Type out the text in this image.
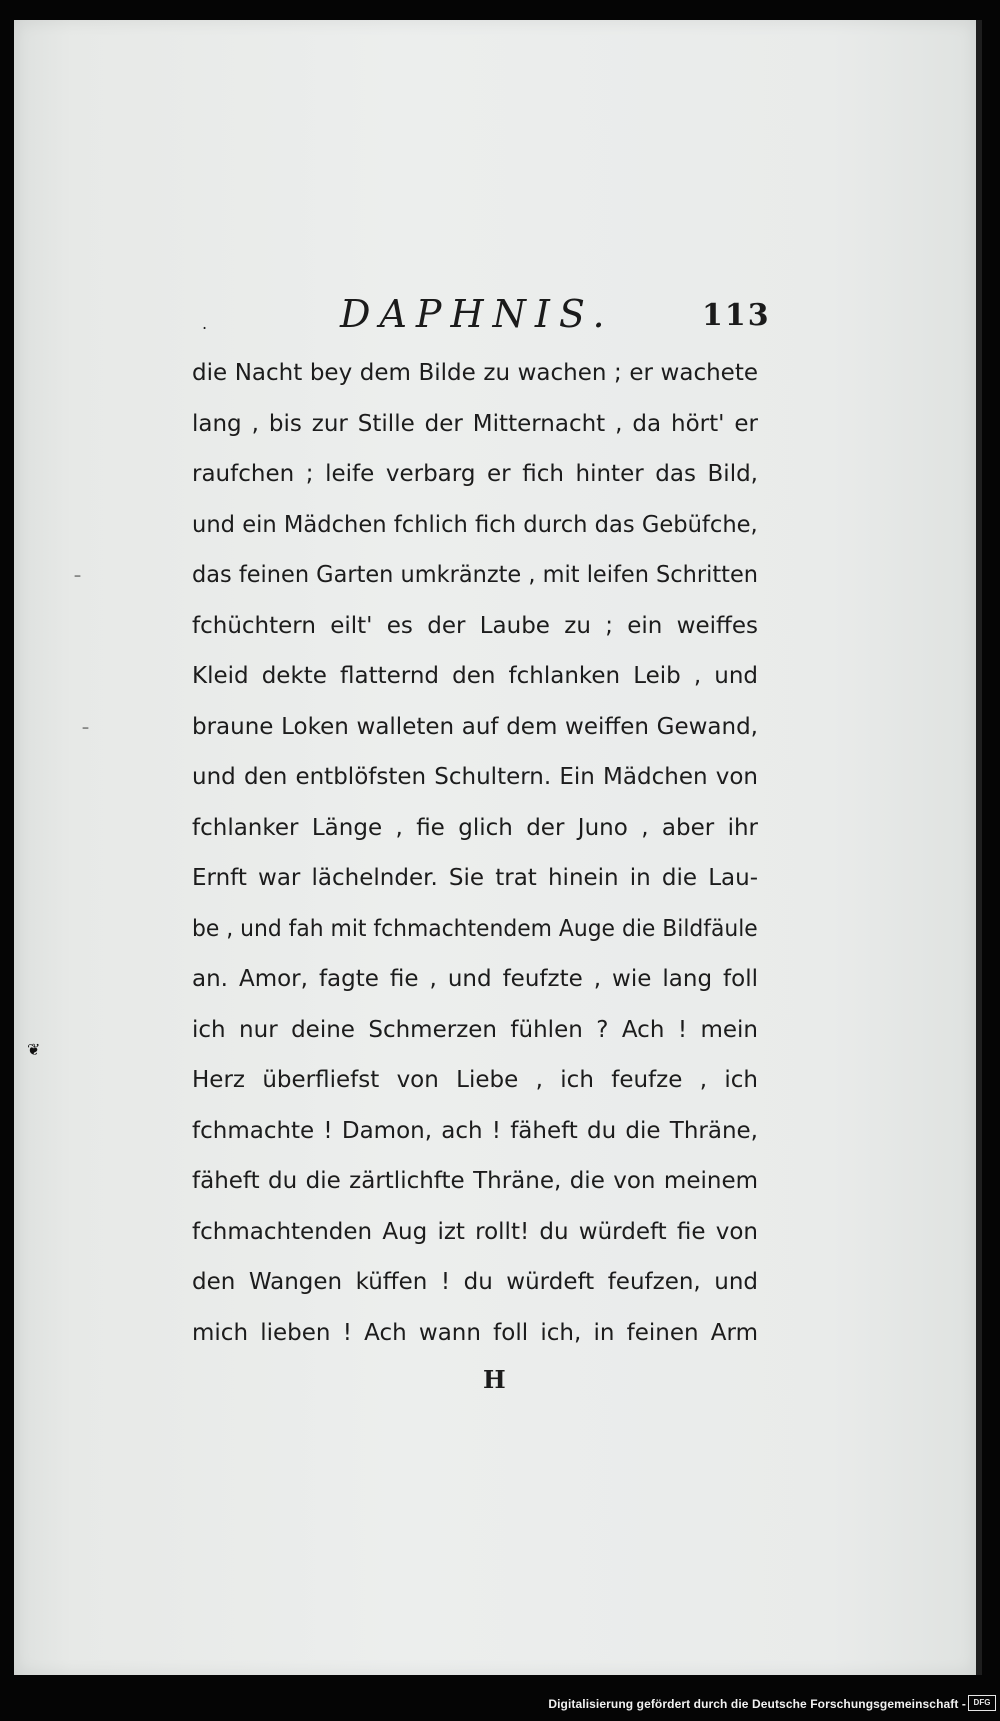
.	DAPHNIS.	113
die Nacht bey dem Bilde zu wachen ; er wachete
lang , bis zur Stille der Mitternacht , da hört' er
raufchen ; leife verbarg er fich hinter das Bild,
und ein Mädchen fchlich fich durch das Gebüfche,
das feinen Garten umkränzte , mit leifen Schritten
fchüchtern eilt' es der Laube zu ; ein weiffes
Kleid dekte flatternd den fchlanken Leib , und
braune Loken walleten auf dem weiffen Gewand,
und den entblöfsten Schultern. Ein Mädchen von
fchlanker Länge , fie glich der Juno , aber ihr
Ernft war lächelnder. Sie trat hinein in die Lau-
be , und fah mit fchmachtendem Auge die Bildfäule
an. Amor, fagte fie , und feufzte , wie lang foll
ich nur deine Schmerzen fühlen ? Ach ! mein
Herz überfliefst von Liebe , ich feufze , ich
fchmachte ! Damon, ach ! fäheft du die Thräne,
fäheft du die zärtlichfte Thräne, die von meinem
fchmachtenden Aug izt rollt! du würdeft fie von
den Wangen küffen ! du würdeft feufzen, und
mich lieben ! Ach wann foll ich, in feinen Arm
H
–
–
❦
Digitalisierung gefördert durch die Deutsche Forschungsgemeinschaft - DFG
